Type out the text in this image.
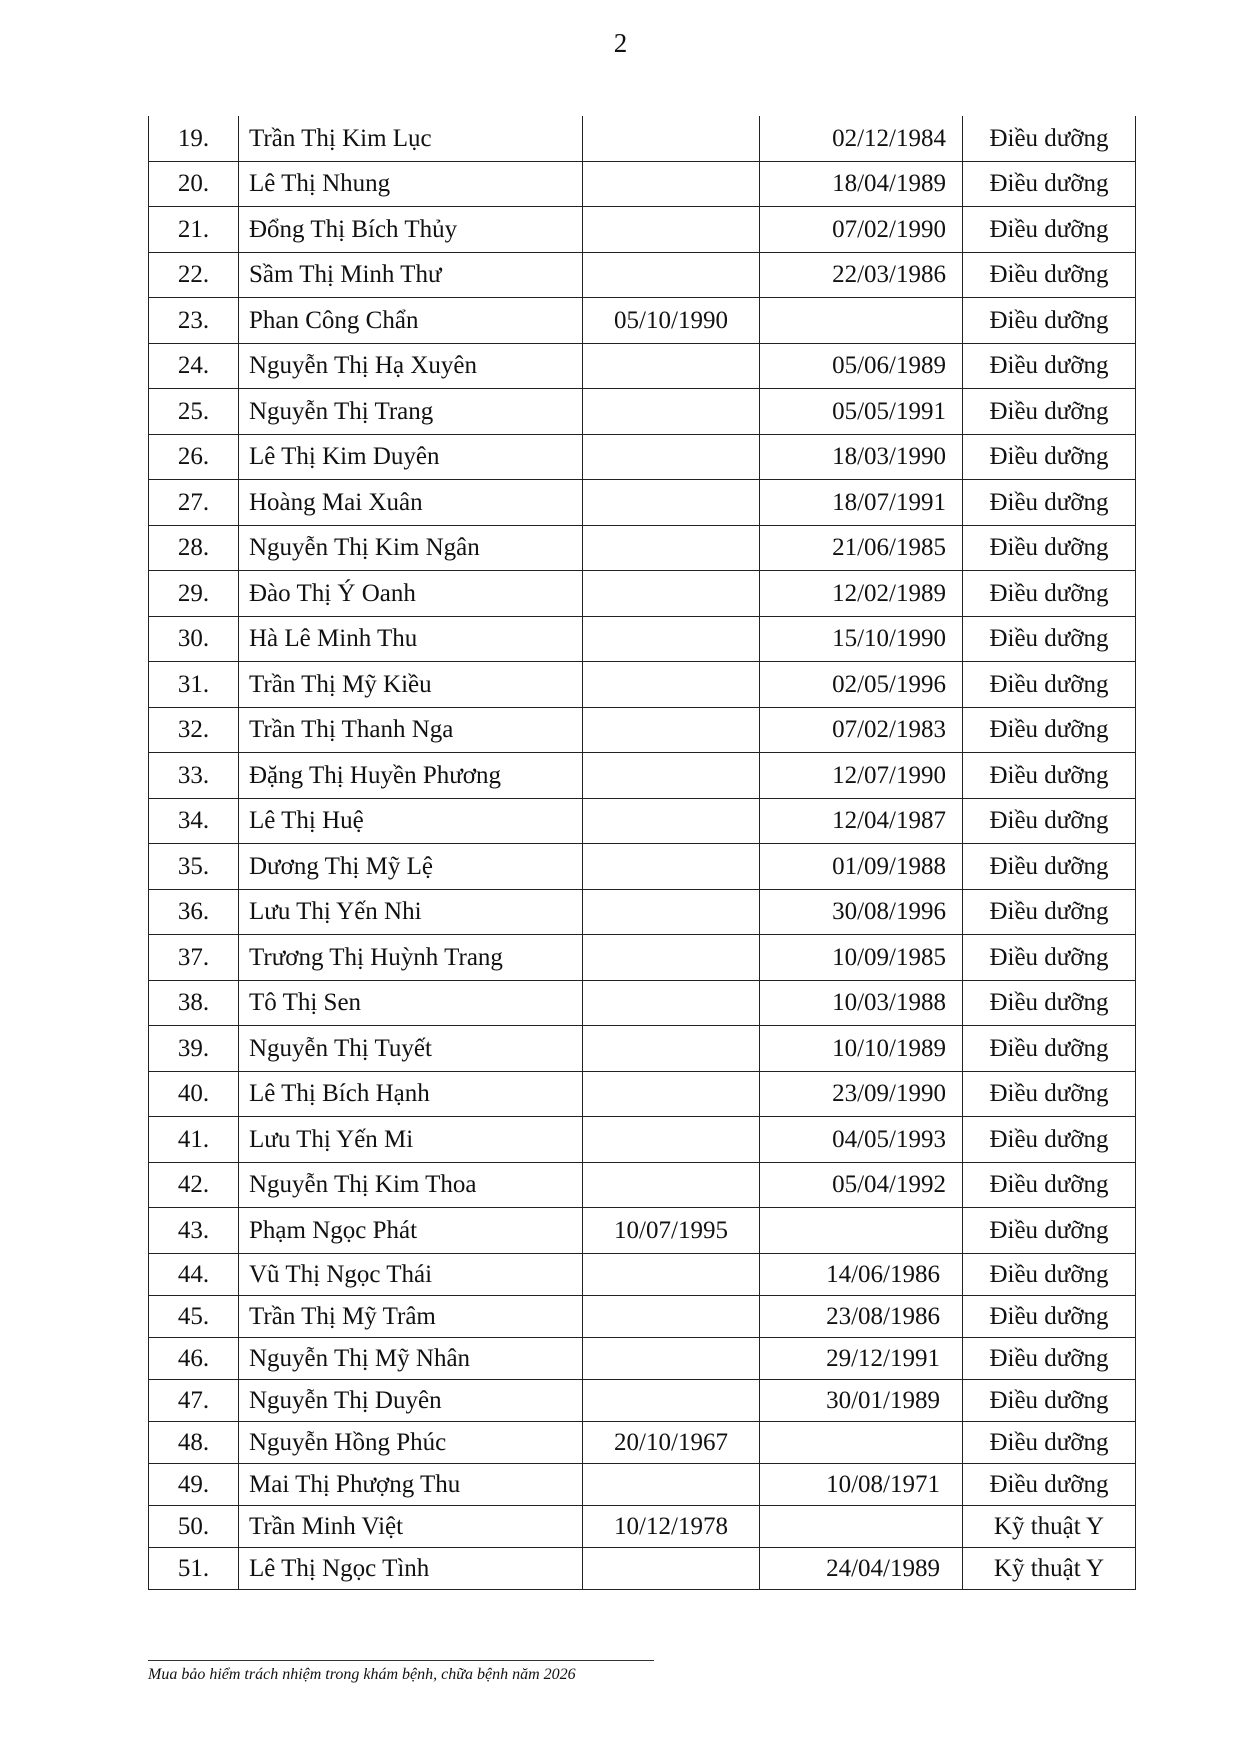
2
19.	Trần Thị Kim Lục		02/12/1984	Điều dưỡng
20.	Lê Thị Nhung		18/04/1989	Điều dưỡng
21.	Đổng Thị Bích Thủy		07/02/1990	Điều dưỡng
22.	Sầm Thị Minh Thư		22/03/1986	Điều dưỡng
23.	Phan Công Chẩn	05/10/1990		Điều dưỡng
24.	Nguyễn Thị Hạ Xuyên		05/06/1989	Điều dưỡng
25.	Nguyễn Thị Trang		05/05/1991	Điều dưỡng
26.	Lê Thị Kim Duyên		18/03/1990	Điều dưỡng
27.	Hoàng Mai Xuân		18/07/1991	Điều dưỡng
28.	Nguyễn Thị Kim Ngân		21/06/1985	Điều dưỡng
29.	Đào Thị Ý Oanh		12/02/1989	Điều dưỡng
30.	Hà Lê Minh Thu		15/10/1990	Điều dưỡng
31.	Trần Thị Mỹ Kiều		02/05/1996	Điều dưỡng
32.	Trần Thị Thanh Nga		07/02/1983	Điều dưỡng
33.	Đặng Thị Huyền Phương		12/07/1990	Điều dưỡng
34.	Lê Thị Huệ		12/04/1987	Điều dưỡng
35.	Dương Thị Mỹ Lệ		01/09/1988	Điều dưỡng
36.	Lưu Thị Yến Nhi		30/08/1996	Điều dưỡng
37.	Trương Thị Huỳnh Trang		10/09/1985	Điều dưỡng
38.	Tô Thị Sen		10/03/1988	Điều dưỡng
39.	Nguyễn Thị Tuyết		10/10/1989	Điều dưỡng
40.	Lê Thị Bích Hạnh		23/09/1990	Điều dưỡng
41.	Lưu Thị Yến Mi		04/05/1993	Điều dưỡng
42.	Nguyễn Thị Kim Thoa		05/04/1992	Điều dưỡng
43.	Phạm Ngọc Phát	10/07/1995		Điều dưỡng
44.	Vũ Thị Ngọc Thái		14/06/1986	Điều dưỡng
45.	Trần Thị Mỹ Trâm		23/08/1986	Điều dưỡng
46.	Nguyễn Thị Mỹ Nhân		29/12/1991	Điều dưỡng
47.	Nguyễn Thị Duyên		30/01/1989	Điều dưỡng
48.	Nguyễn Hồng Phúc	20/10/1967		Điều dưỡng
49.	Mai Thị Phượng Thu		10/08/1971	Điều dưỡng
50.	Trần Minh Việt	10/12/1978		Kỹ thuật Y
51.	Lê Thị Ngọc Tình		24/04/1989	Kỹ thuật Y
Mua bảo hiểm trách nhiệm trong khám bệnh, chữa bệnh năm 2026
